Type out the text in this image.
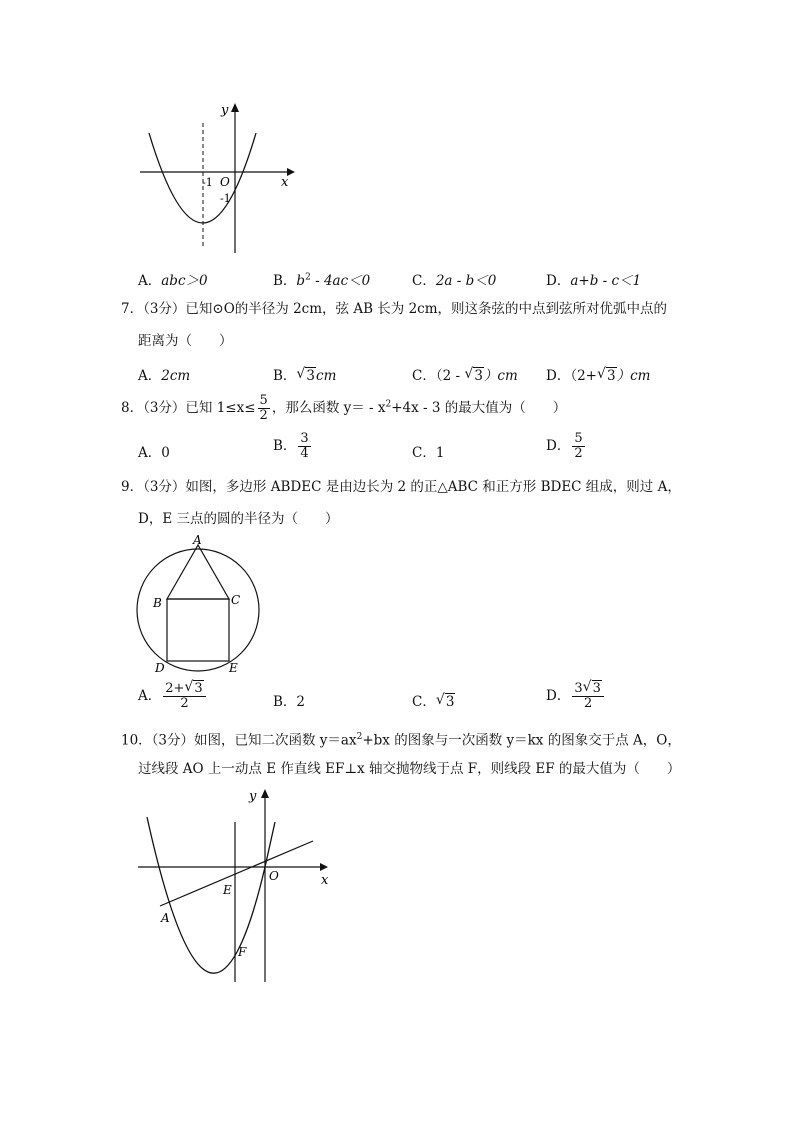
y
x
O
-1
-1
A．abc＞0	B．$b^2 - 4ac<0$	C．2a - b＜0	D．a+b - c＜1
7．（3分）已知⊙O的半径为 2cm，弦 AB 长为 2cm，则这条弦的中点到弦所对优弧中点的
距离为（　　）
A．2cm	B． √ 3cm	C．（2 - √ 3）cm D．（2+ √ 3）cm
8．（3分）已知 $1\le x\le \frac{5}{2}$ ，那么函数 $y= - x^2+4x - 3$ 的最大值为（　　）
A．0	B． $\frac{3}{4}$	C．1	D． $\frac{5}{2}$
9．（3分）如图，多边形 ABDEC 是由边长为 2 的正△ABC 和正方形 BDEC 组成，则过 A，
D，E 三点的圆的半径为（　　）
A
B	C
D	E
A． $\frac{2+ √ 3}{2}$	B．2	C． √ 3	D． $\frac{3 √ 3}{2}$
10．（3分）如图，已知二次函数 $y=ax^2+bx$ 的图象与一次函数 y＝kx 的图象交于点 A，O，
过线段 AO 上一动点 E 作直线 EF⊥x 轴交抛物线于点 F，则线段 EF 的最大值为（　　）
y
x
O
A
E
F
